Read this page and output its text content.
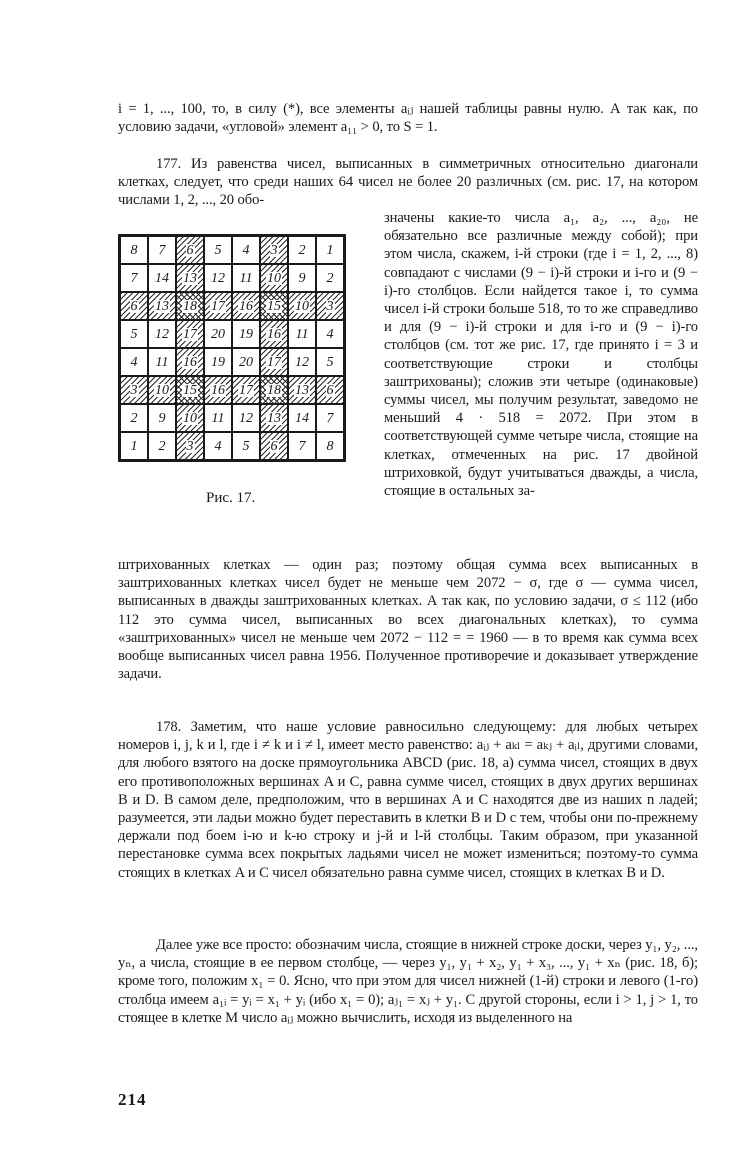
i = 1, ..., 100, то, в силу (*), все элементы aᵢⱼ нашей таблицы равны нулю. А так как, по условию задачи, «угловой» элемент a₁₁ > 0, то S = 1.

177. Из равенства чисел, выписанных в симметричных относительно диагонали клетках, следует, что среди наших 64 чисел не более 20 различных (см. рис. 17, на котором числами 1, 2, ..., 20 обо-

значены какие-то числа a₁, a₂, ..., a₂₀, не обязательно все различные между собой); при этом числа, скажем, i-й строки (где i = 1, 2, ..., 8) совпадают с числами (9 − i)-й строки и i-го и (9 − i)-го столбцов. Если найдется такое i, то сумма чисел i-й строки больше 518, то то же справедливо и для (9 − i)-й строки и для i-го и (9 − i)-го столбцов (см. тот же рис. 17, где принято i = 3 и соответствующие строки и столбцы заштрихованы); сложив эти четыре (одинаковые) суммы чисел, мы получим результат, заведомо не меньший 4 · 518 = 2072. При этом в соответствующей сумме четыре числа, стоящие на клетках, отмеченных на рис. 17 двойной штриховкой, будут учитываться дважды, а числа, стоящие в остальных за-

8 7 6 5 4 3 2 1
7 14 13 12 11 10 9 2
6 13 18 17 16 15 10 3
5 12 17 20 19 16 11 4
4 11 16 19 20 17 12 5
3 10 15 16 17 18 13 6
2 9 10 11 12 13 14 7
1 2 3 4 5 6 7 8
Рис. 17.

штрихованных клетках — один раз; поэтому общая сумма всех выписанных в заштрихованных клетках чисел будет не меньше чем 2072 − σ, где σ — сумма чисел, выписанных в дважды заштрихованных клетках. А так как, по условию задачи, σ ≤ 112 (ибо 112 это сумма чисел, выписанных во всех диагональных клетках), то сумма «заштрихованных» чисел не меньше чем 2072 − 112 = = 1960 — в то время как сумма всех вообще выписанных чисел равна 1956. Полученное противоречие и доказывает утверждение задачи.

178. Заметим, что наше условие равносильно следующему: для любых четырех номеров i, j, k и l, где i ≠ k и i ≠ l, имеет место равенство: aᵢⱼ + aₖₗ = aₖⱼ + aᵢₗ, другими словами, для любого взятого на доске прямоугольника ABCD (рис. 18, а) сумма чисел, стоящих в двух его противоположных вершинах A и C, равна сумме чисел, стоящих в двух других вершинах B и D. В самом деле, предположим, что в вершинах A и C находятся две из наших n ладей; разумеется, эти ладьи можно будет переставить в клетки B и D с тем, чтобы они по-прежнему держали под боем i-ю и k-ю строку и j-й и l-й столбцы. Таким образом, при указанной перестановке сумма всех покрытых ладьями чисел не может измениться; поэтому-то сумма стоящих в клетках A и C чисел обязательно равна сумме чисел, стоящих в клетках B и D.

Далее уже все просто: обозначим числа, стоящие в нижней строке доски, через y₁, y₂, ..., yₙ, а числа, стоящие в ее первом столбце, — через y₁, y₁ + x₂, y₁ + x₃, ..., y₁ + xₙ (рис. 18, б); кроме того, положим x₁ = 0. Ясно, что при этом для чисел нижней (1-й) строки и левого (1-го) столбца имеем a₁ᵢ = yᵢ = x₁ + yᵢ (ибо x₁ = 0); aⱼ₁ = xⱼ + y₁. С другой стороны, если i > 1, j > 1, то стоящее в клетке M число aᵢⱼ можно вычислить, исходя из выделенного на

214
